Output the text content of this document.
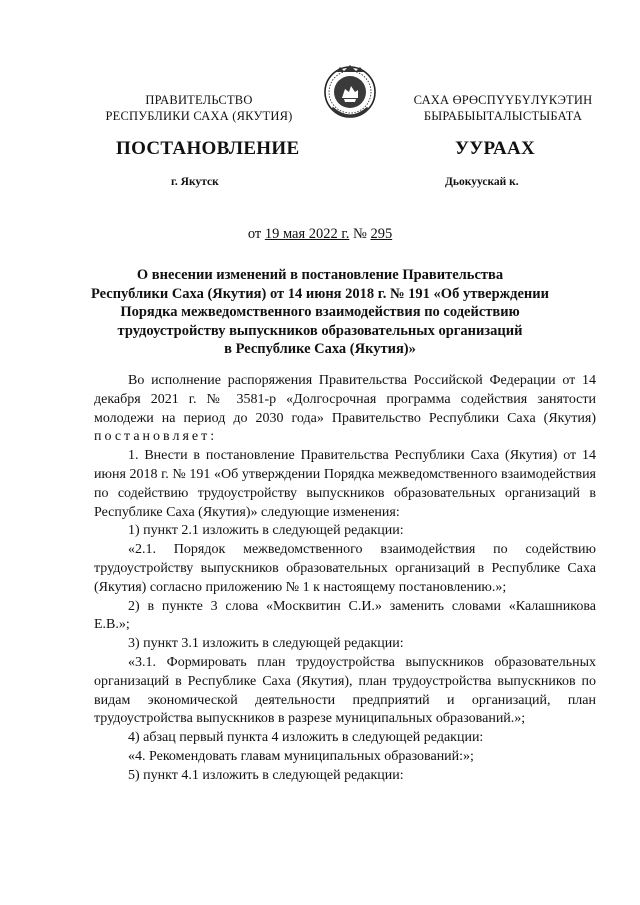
ПРАВИТЕЛЬСТВО
РЕСПУБЛИКИ САХА (ЯКУТИЯ)
САХА ӨРӨСПҮҮБҮЛҮКЭТИН
БЫРАБЫЫТАЛЫСТЫБАТА
ПОСТАНОВЛЕНИЕ	УУРААХ
г. Якутск	Дьокуускай к.
от 19 мая 2022 г. № 295
О внесении изменений в постановление Правительства
Республики Саха (Якутия) от 14 июня 2018 г. № 191 «Об утверждении
Порядка межведомственного взаимодействия по содействию
трудоустройству выпускников образовательных организаций
в Республике Саха (Якутия)»

Во исполнение распоряжения Правительства Российской Федерации от 14 декабря 2021 г. № 3581-р «Долгосрочная программа содействия занятости молодежи на период до 2030 года» Правительство Республики Саха (Якутия) постановляет:

1. Внести в постановление Правительства Республики Саха (Якутия) от 14 июня 2018 г. № 191 «Об утверждении Порядка межведомственного взаимодействия по содействию трудоустройству выпускников образовательных организаций в Республике Саха (Якутия)» следующие изменения:

1) пункт 2.1 изложить в следующей редакции:

«2.1. Порядок межведомственного взаимодействия по содействию трудоустройству выпускников образовательных организаций в Республике Саха (Якутия) согласно приложению № 1 к настоящему постановлению.»;

2) в пункте 3 слова «Москвитин С.И.» заменить словами «Калашникова Е.В.»;

3) пункт 3.1 изложить в следующей редакции:

«3.1. Формировать план трудоустройства выпускников образовательных организаций в Республике Саха (Якутия), план трудоустройства выпускников по видам экономической деятельности предприятий и организаций, план трудоустройства выпускников в разрезе муниципальных образований.»;

4) абзац первый пункта 4 изложить в следующей редакции:

«4. Рекомендовать главам муниципальных образований:»;

5) пункт 4.1 изложить в следующей редакции:
